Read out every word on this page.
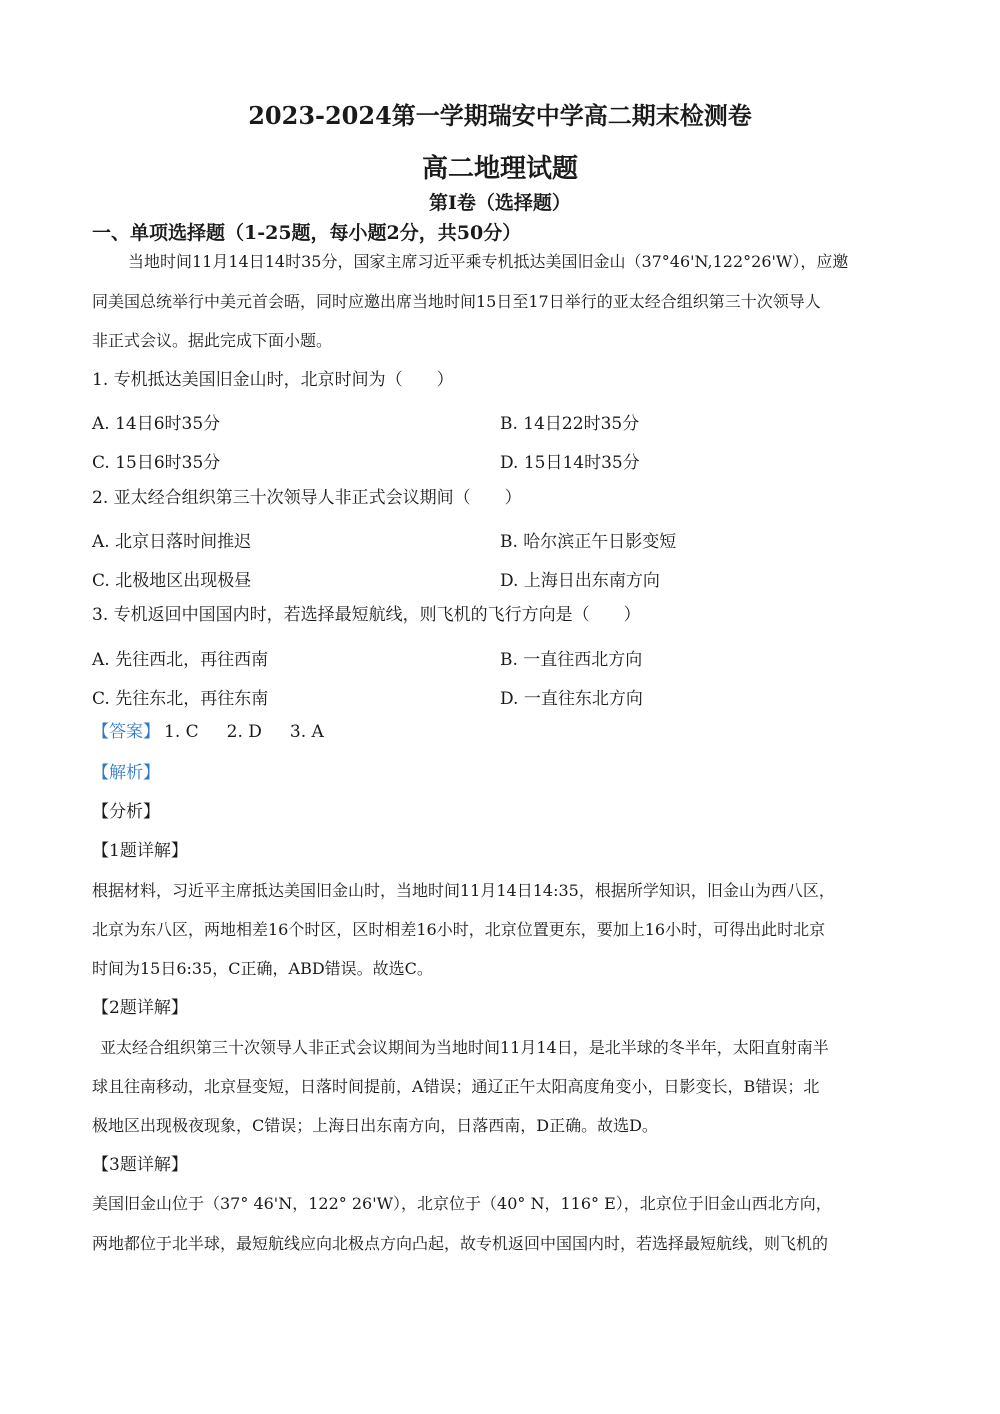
2023-2024第一学期瑞安中学高二期末检测卷
高二地理试题
第I卷（选择题）
一、单项选择题（1-25题，每小题2分，共50分）
当地时间11月14日14时35分，国家主席习近平乘专机抵达美国旧金山（37°46'N,122°26'W），应邀
同美国总统举行中美元首会晤，同时应邀出席当地时间15日至17日举行的亚太经合组织第三十次领导人
非正式会议。据此完成下面小题。
1. 专机抵达美国旧金山时，北京时间为（　　）
A. 14日6时35分	B. 14日22时35分
C. 15日6时35分	D. 15日14时35分
2. 亚太经合组织第三十次领导人非正式会议期间（　　）
A. 北京日落时间推迟	B. 哈尔滨正午日影变短
C. 北极地区出现极昼	D. 上海日出东南方向
3. 专机返回中国国内时，若选择最短航线，则飞机的飞行方向是（　　）
A. 先往西北，再往西南	B. 一直往西北方向
C. 先往东北，再往东南	D. 一直往东北方向
【答案】 1. C 2. D 3. A
【解析】
【分析】
【1题详解】
根据材料，习近平主席抵达美国旧金山时，当地时间11月14日14:35，根据所学知识，旧金山为西八区，
北京为东八区，两地相差16个时区，区时相差16小时，北京位置更东，要加上16小时，可得出此时北京
时间为15日6:35，C正确，ABD错误。故选C。
【2题详解】
亚太经合组织第三十次领导人非正式会议期间为当地时间11月14日，是北半球的冬半年，太阳直射南半
球且往南移动，北京昼变短，日落时间提前，A错误；通辽正午太阳高度角变小，日影变长，B错误；北
极地区出现极夜现象，C错误；上海日出东南方向，日落西南，D正确。故选D。
【3题详解】
美国旧金山位于（37° 46'N，122° 26'W），北京位于（40° N，116° E），北京位于旧金山西北方向，
两地都位于北半球，最短航线应向北极点方向凸起，故专机返回中国国内时，若选择最短航线，则飞机的
